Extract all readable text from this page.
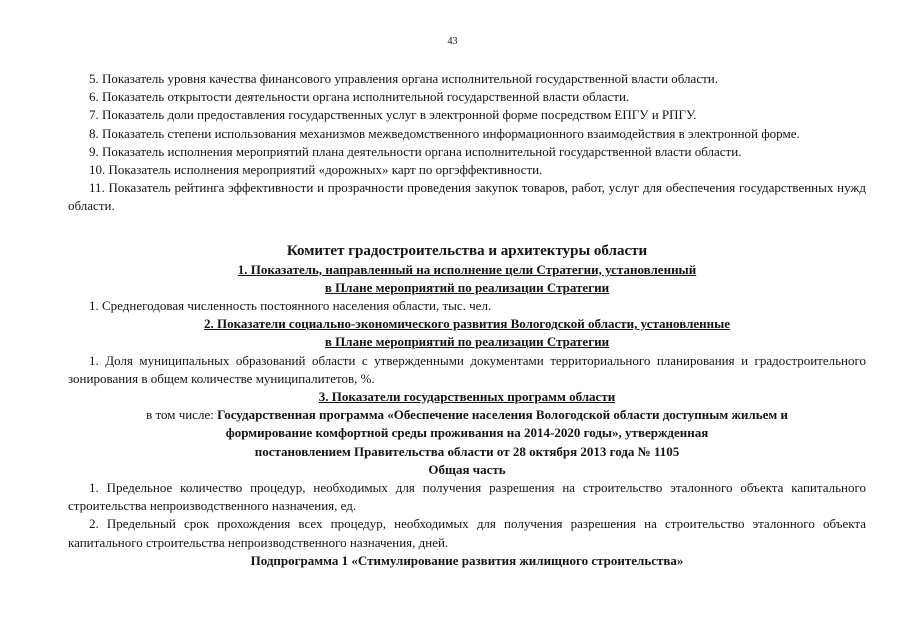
43

5. Показатель уровня качества финансового управления органа исполнительной государственной власти области.

6. Показатель открытости деятельности органа исполнительной государственной власти области.

7. Показатель доли предоставления государственных услуг в электронной форме посредством ЕПГУ и РПГУ.

8. Показатель степени использования механизмов межведомственного информационного взаимодействия в электронной форме.

9. Показатель исполнения мероприятий плана деятельности органа исполнительной государственной власти области.

10. Показатель исполнения мероприятий «дорожных» карт по оргэффективности.

11. Показатель рейтинга эффективности и прозрачности проведения закупок товаров, работ, услуг для обеспечения государственных нужд области.

Комитет градостроительства и архитектуры области

1. Показатель, направленный на исполнение цели Стратегии, установленный

в Плане мероприятий по реализации Стратегии

1. Среднегодовая численность постоянного населения области, тыс. чел.

2. Показатели социально-экономического развития Вологодской области, установленные

в Плане мероприятий по реализации Стратегии

1. Доля муниципальных образований области с утвержденными документами территориального планирования и градостроительного зонирования в общем количестве муниципалитетов, %.

3. Показатели государственных программ области

в том числе: Государственная программа «Обеспечение населения Вологодской области доступным жильем и

формирование комфортной среды проживания на 2014-2020 годы», утвержденная

постановлением Правительства области от 28 октября 2013 года № 1105

Общая часть

1. Предельное количество процедур, необходимых для получения разрешения на строительство эталонного объекта капитального строительства непроизводственного назначения, ед.

2. Предельный срок прохождения всех процедур, необходимых для получения разрешения на строительство эталонного объекта капитального строительства непроизводственного назначения, дней.

Подпрограмма 1 «Стимулирование развития жилищного строительства»
